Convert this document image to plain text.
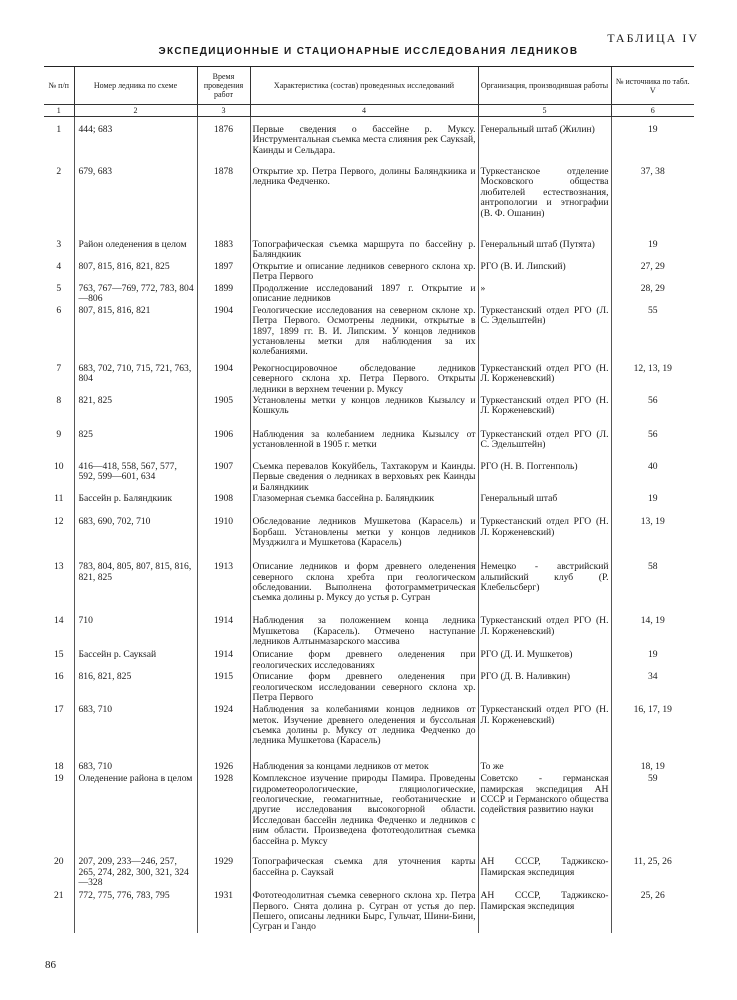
ТАБЛИЦА IV
ЭКСПЕДИЦИОННЫЕ И СТАЦИОНАРНЫЕ ИССЛЕДОВАНИЯ ЛЕДНИКОВ
№ п/п	Номер ледника по схеме	Время проведения работ	Характеристика (состав) проведенных исследований	Организация, производившая работы	№ источника по табл. V
1	2	3	4	5	6
1	444; 683	1876	Первые сведения о бассейне р. Муксу. Инструментальная съемка места слияния рек Саукsай, Каинды и Сельдара.	Генеральный штаб (Жилин)	19
2	679, 683	1878	Открытие хр. Петра Первого, долины Баляндкиика и ледника Федченко.	Туркестанское отделение Московского общества любителей естествознания, антропологии и этнографии (В. Ф. Ошанин)	37, 38
3	Район оледенения в целом	1883	Топографическая съемка маршрута по бассейну р. Баляндкиик	Генеральный штаб (Путята)	19
4	807, 815, 816, 821, 825	1897	Открытие и описание ледников северного склона хр. Петра Первого	РГО (В. И. Липский)	27, 29
5	763, 767—769, 772, 783, 804—806	1899	Продолжение исследований 1897 г. Открытие и описание ледников	»	28, 29
6	807, 815, 816, 821	1904	Геологические исследования на северном склоне хр. Петра Первого. Осмотрены ледники, открытые в 1897, 1899 гг. В. И. Липским. У концов ледников установлены метки для наблюдения за их колебаниями.	Туркестанский отдел РГО (Л. С. Эдельштейн)	55
7	683, 702, 710, 715, 721, 763, 804	1904	Рекогносцировочное обследование ледников северного склона хр. Петра Первого. Открыты ледники в верхнем течении р. Муксу	Туркестанский отдел РГО (Н. Л. Корженевский)	12, 13, 19
8	821, 825	1905	Установлены метки у концов ледников Кызылсу и Кошкуль	Туркестанский отдел РГО (Н. Л. Корженевский)	56
9	825	1906	Наблюдения за колебанием ледника Кызылсу от установленной в 1905 г. метки	Туркестанский отдел РГО (Л. С. Эдельштейн)	56
10	416—418, 558, 567, 577, 592, 599—601, 634	1907	Съемка перевалов Кокуйбель, Тахтакорум и Каинды. Первые сведения о ледниках в верховьях рек Каинды и Баляндкиик	РГО (Н. В. Поггенполь)	40
11	Бассейн р. Баляндкиик	1908	Глазомерная съемка бассейна р. Баляндкиик	Генеральный штаб	19
12	683, 690, 702, 710	1910	Обследование ледников Мушкетова (Карасель) и Борбаш. Установлены метки у концов ледников Музджилга и Мушкетова (Карасель)	Туркестанский отдел РГО (Н. Л. Корженевский)	13, 19
13	783, 804, 805, 807, 815, 816, 821, 825	1913	Описание ледников и форм древнего оледенения северного склона хребта при геологическом обследовании. Выполнена фотограмметрическая съемка долины р. Муксу до устья р. Сугран	Немецко - австрийский альпийский клуб (Р. Клебельсберг)	58
14	710	1914	Наблюдения за положением конца ледника Мушкетова (Карасель). Отмечено наступание ледников Алтынмазарского массива	Туркестанский отдел РГО (Н. Л. Корженевский)	14, 19
15	Бассейн р. Саукsай	1914	Описание форм древнего оледенения при геологических исследованиях	РГО (Д. И. Мушкетов)	19
16	816, 821, 825	1915	Описание форм древнего оледенения при геологическом исследовании северного склона хр. Петра Первого	РГО (Д. В. Наливкин)	34
17	683, 710	1924	Наблюдения за колебаниями концов ледников от меток. Изучение древнего оледенения и буссольная съемка долины р. Муксу от ледника Федченко до ледника Мушкетова (Карасель)	Туркестанский отдел РГО (Н. Л. Корженевский)	16, 17, 19
18	683, 710	1926	Наблюдения за концами ледников от меток	То же	18, 19
19	Оледенение района в целом	1928	Комплексное изучение природы Памира. Проведены гидрометеорологические, гляциологические, геологические, геомагнитные, геоботанические и другие исследования высокогорной области. Исследован бассейн ледника Федченко и ледников с ним области. Произведена фототеодолитная съемка бассейна р. Муксу	Советско - германская памирская экспедиция АН СССР и Германского общества содействия развитию науки	59
20	207, 209, 233—246, 257, 265, 274, 282, 300, 321, 324—328	1929	Топографическая съемка для уточнения карты бассейна р. Саукsай	АН СССР, Таджикско-Памирская экспедиция	11, 25, 26
21	772, 775, 776, 783, 795	1931	Фототеодолитная съемка северного склона хр. Петра Первого. Снята долина р. Сугран от устья до пер. Пешего, описаны ледники Бырс, Гульчат, Шини-Бини, Сугран и Гандо	АН СССР, Таджикско-Памирская экспедиция	25, 26
86
